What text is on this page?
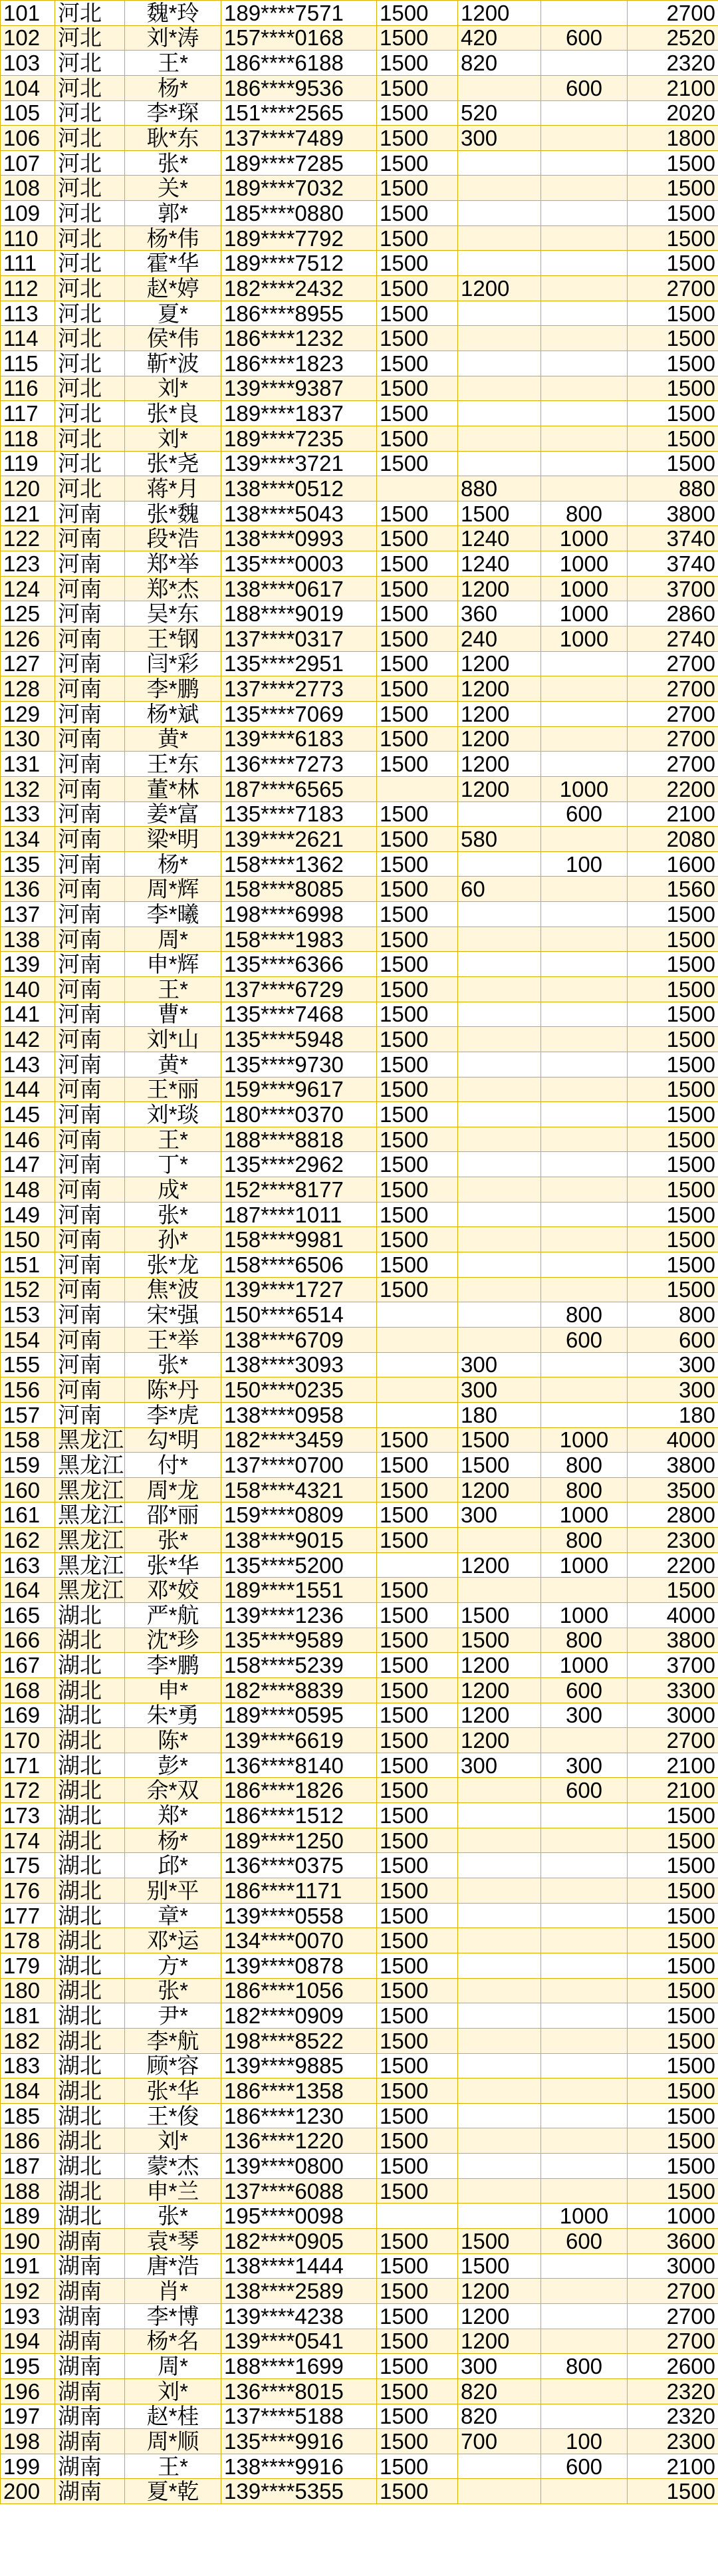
101	河北	魏*玲	189****7571	1500	1200		2700
102	河北	刘*涛	157****0168	1500	420	600	2520
103	河北	王*	186****6188	1500	820		2320
104	河北	杨*	186****9536	1500		600	2100
105	河北	李*琛	151****2565	1500	520		2020
106	河北	耿*东	137****7489	1500	300		1800
107	河北	张*	189****7285	1500			1500
108	河北	关*	189****7032	1500			1500
109	河北	郭*	185****0880	1500			1500
110	河北	杨*伟	189****7792	1500			1500
111	河北	霍*华	189****7512	1500			1500
112	河北	赵*婷	182****2432	1500	1200		2700
113	河北	夏*	186****8955	1500			1500
114	河北	侯*伟	186****1232	1500			1500
115	河北	靳*波	186****1823	1500			1500
116	河北	刘*	139****9387	1500			1500
117	河北	张*良	189****1837	1500			1500
118	河北	刘*	189****7235	1500			1500
119	河北	张*尧	139****3721	1500			1500
120	河北	蒋*月	138****0512		880		880
121	河南	张*魏	138****5043	1500	1500	800	3800
122	河南	段*浩	138****0993	1500	1240	1000	3740
123	河南	郑*举	135****0003	1500	1240	1000	3740
124	河南	郑*杰	138****0617	1500	1200	1000	3700
125	河南	吴*东	188****9019	1500	360	1000	2860
126	河南	王*钢	137****0317	1500	240	1000	2740
127	河南	闫*彩	135****2951	1500	1200		2700
128	河南	李*鹏	137****2773	1500	1200		2700
129	河南	杨*斌	135****7069	1500	1200		2700
130	河南	黄*	139****6183	1500	1200		2700
131	河南	王*东	136****7273	1500	1200		2700
132	河南	董*林	187****6565		1200	1000	2200
133	河南	姜*富	135****7183	1500		600	2100
134	河南	梁*明	139****2621	1500	580		2080
135	河南	杨*	158****1362	1500		100	1600
136	河南	周*辉	158****8085	1500	60		1560
137	河南	李*曦	198****6998	1500			1500
138	河南	周*	158****1983	1500			1500
139	河南	申*辉	135****6366	1500			1500
140	河南	王*	137****6729	1500			1500
141	河南	曹*	135****7468	1500			1500
142	河南	刘*山	135****5948	1500			1500
143	河南	黄*	135****9730	1500			1500
144	河南	王*丽	159****9617	1500			1500
145	河南	刘*琰	180****0370	1500			1500
146	河南	王*	188****8818	1500			1500
147	河南	丁*	135****2962	1500			1500
148	河南	成*	152****8177	1500			1500
149	河南	张*	187****1011	1500			1500
150	河南	孙*	158****9981	1500			1500
151	河南	张*龙	158****6506	1500			1500
152	河南	焦*波	139****1727	1500			1500
153	河南	宋*强	150****6514			800	800
154	河南	王*举	138****6709			600	600
155	河南	张*	138****3093		300		300
156	河南	陈*丹	150****0235		300		300
157	河南	李*虎	138****0958		180		180
158	黑龙江	勾*明	182****3459	1500	1500	1000	4000
159	黑龙江	付*	137****0700	1500	1500	800	3800
160	黑龙江	周*龙	158****4321	1500	1200	800	3500
161	黑龙江	邵*丽	159****0809	1500	300	1000	2800
162	黑龙江	张*	138****9015	1500		800	2300
163	黑龙江	张*华	135****5200		1200	1000	2200
164	黑龙江	邓*姣	189****1551	1500			1500
165	湖北	严*航	139****1236	1500	1500	1000	4000
166	湖北	沈*珍	135****9589	1500	1500	800	3800
167	湖北	李*鹏	158****5239	1500	1200	1000	3700
168	湖北	申*	182****8839	1500	1200	600	3300
169	湖北	朱*勇	189****0595	1500	1200	300	3000
170	湖北	陈*	139****6619	1500	1200		2700
171	湖北	彭*	136****8140	1500	300	300	2100
172	湖北	余*双	186****1826	1500		600	2100
173	湖北	郑*	186****1512	1500			1500
174	湖北	杨*	189****1250	1500			1500
175	湖北	邱*	136****0375	1500			1500
176	湖北	别*平	186****1171	1500			1500
177	湖北	章*	139****0558	1500			1500
178	湖北	邓*运	134****0070	1500			1500
179	湖北	方*	139****0878	1500			1500
180	湖北	张*	186****1056	1500			1500
181	湖北	尹*	182****0909	1500			1500
182	湖北	李*航	198****8522	1500			1500
183	湖北	顾*容	139****9885	1500			1500
184	湖北	张*华	186****1358	1500			1500
185	湖北	王*俊	186****1230	1500			1500
186	湖北	刘*	136****1220	1500			1500
187	湖北	蒙*杰	139****0800	1500			1500
188	湖北	申*兰	137****6088	1500			1500
189	湖北	张*	195****0098			1000	1000
190	湖南	袁*琴	182****0905	1500	1500	600	3600
191	湖南	唐*浩	138****1444	1500	1500		3000
192	湖南	肖*	138****2589	1500	1200		2700
193	湖南	李*博	139****4238	1500	1200		2700
194	湖南	杨*名	139****0541	1500	1200		2700
195	湖南	周*	188****1699	1500	300	800	2600
196	湖南	刘*	136****8015	1500	820		2320
197	湖南	赵*桂	137****5188	1500	820		2320
198	湖南	周*顺	135****9916	1500	700	100	2300
199	湖南	王*	138****9916	1500		600	2100
200	湖南	夏*乾	139****5355	1500			1500
